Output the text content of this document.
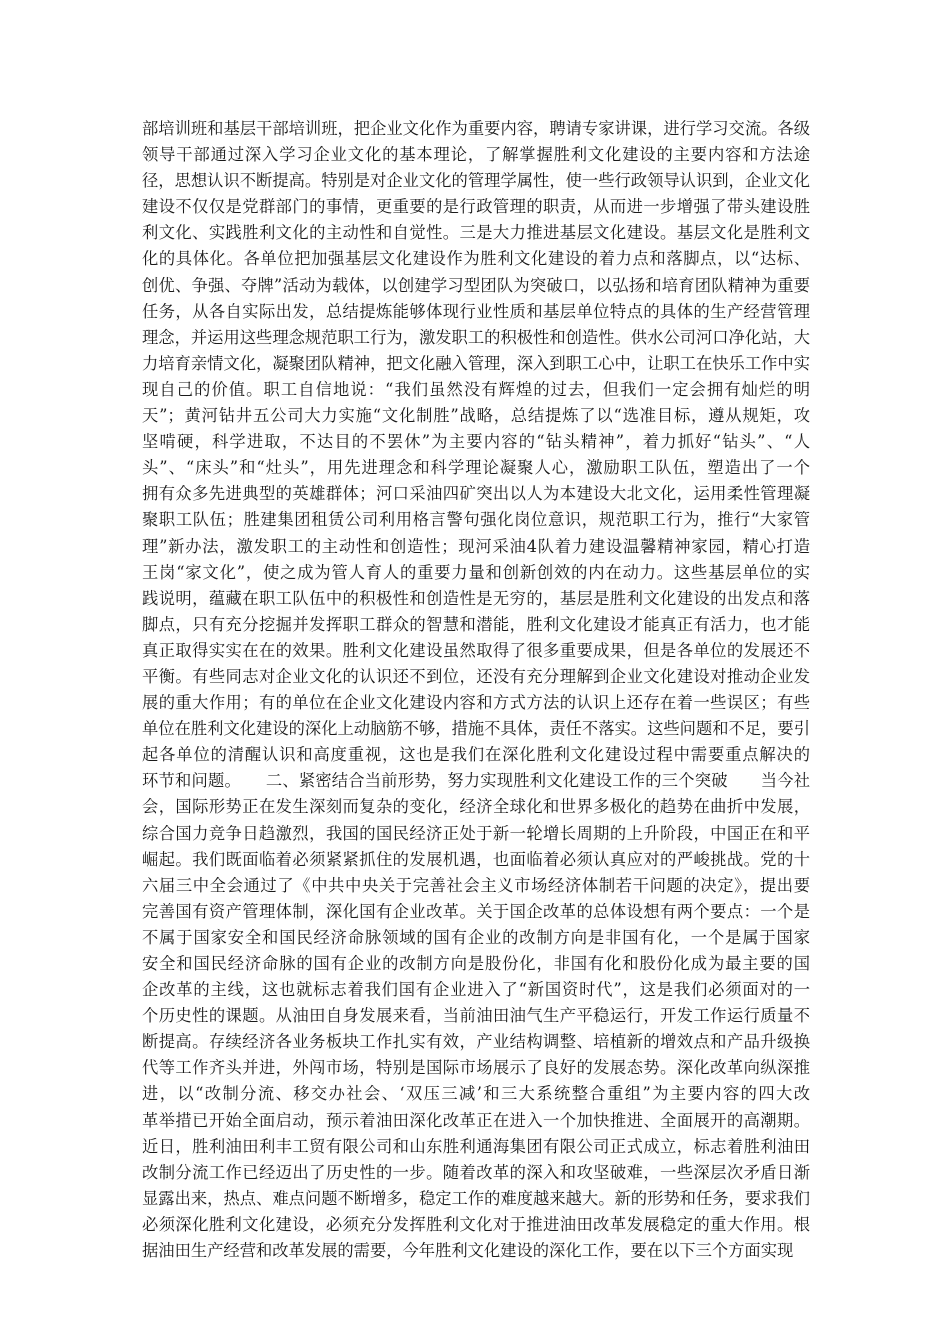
部培训班和基层干部培训班，把企业文化作为重要内容，聘请专家讲课，进行学习交流。各级
领导干部通过深入学习企业文化的基本理论，了解掌握胜利文化建设的主要内容和方法途
径，思想认识不断提高。特别是对企业文化的管理学属性，使一些行政领导认识到，企业文化
建设不仅仅是党群部门的事情，更重要的是行政管理的职责，从而进一步增强了带头建设胜
利文化、实践胜利文化的主动性和自觉性。三是大力推进基层文化建设。基层文化是胜利文
化的具体化。各单位把加强基层文化建设作为胜利文化建设的着力点和落脚点，以“达标、
创优、争强、夺牌”活动为载体，以创建学习型团队为突破口，以弘扬和培育团队精神为重要
任务，从各自实际出发，总结提炼能够体现行业性质和基层单位特点的具体的生产经营管理
理念，并运用这些理念规范职工行为，激发职工的积极性和创造性。供水公司河口净化站，大
力培育亲情文化，凝聚团队精神，把文化融入管理，深入到职工心中，让职工在快乐工作中实
现自己的价值。职工自信地说：“我们虽然没有辉煌的过去，但我们一定会拥有灿烂的明
天”；黄河钻井五公司大力实施“文化制胜”战略，总结提炼了以“选准目标，遵从规矩，攻
坚啃硬，科学进取，不达目的不罢休”为主要内容的“钻头精神”，着力抓好“钻头”、“人
头”、“床头”和“灶头”，用先进理念和科学理论凝聚人心，激励职工队伍，塑造出了一个
拥有众多先进典型的英雄群体；河口采油四矿突出以人为本建设大北文化，运用柔性管理凝
聚职工队伍；胜建集团租赁公司利用格言警句强化岗位意识，规范职工行为，推行“大家管
理”新办法，激发职工的主动性和创造性；现河采油4队着力建设温馨精神家园，精心打造
王岗“家文化”，使之成为管人育人的重要力量和创新创效的内在动力。这些基层单位的实
践说明，蕴藏在职工队伍中的积极性和创造性是无穷的，基层是胜利文化建设的出发点和落
脚点，只有充分挖掘并发挥职工群众的智慧和潜能，胜利文化建设才能真正有活力，也才能
真正取得实实在在的效果。胜利文化建设虽然取得了很多重要成果，但是各单位的发展还不
平衡。有些同志对企业文化的认识还不到位，还没有充分理解到企业文化建设对推动企业发
展的重大作用；有的单位在企业文化建设内容和方式方法的认识上还存在着一些误区；有些
单位在胜利文化建设的深化上动脑筋不够，措施不具体，责任不落实。这些问题和不足，要引
起各单位的清醒认识和高度重视，这也是我们在深化胜利文化建设过程中需要重点解决的
环节和问题。　　二、紧密结合当前形势，努力实现胜利文化建设工作的三个突破　　当今社
会，国际形势正在发生深刻而复杂的变化，经济全球化和世界多极化的趋势在曲折中发展，
综合国力竞争日趋激烈，我国的国民经济正处于新一轮增长周期的上升阶段，中国正在和平
崛起。我们既面临着必须紧紧抓住的发展机遇，也面临着必须认真应对的严峻挑战。党的十
六届三中全会通过了《中共中央关于完善社会主义市场经济体制若干问题的决定》，提出要
完善国有资产管理体制，深化国有企业改革。关于国企改革的总体设想有两个要点：一个是
不属于国家安全和国民经济命脉领域的国有企业的改制方向是非国有化，一个是属于国家
安全和国民经济命脉的国有企业的改制方向是股份化，非国有化和股份化成为最主要的国
企改革的主线，这也就标志着我们国有企业进入了“新国资时代”，这是我们必须面对的一
个历史性的课题。从油田自身发展来看，当前油田油气生产平稳运行，开发工作运行质量不
断提高。存续经济各业务板块工作扎实有效，产业结构调整、培植新的增效点和产品升级换
代等工作齐头并进，外闯市场，特别是国际市场展示了良好的发展态势。深化改革向纵深推
进，以“改制分流、移交办社会、‘双压三减’和三大系统整合重组”为主要内容的四大改
革举措已开始全面启动，预示着油田深化改革正在进入一个加快推进、全面展开的高潮期。
近日，胜利油田利丰工贸有限公司和山东胜利通海集团有限公司正式成立，标志着胜利油田
改制分流工作已经迈出了历史性的一步。随着改革的深入和攻坚破难，一些深层次矛盾日渐
显露出来，热点、难点问题不断增多，稳定工作的难度越来越大。新的形势和任务，要求我们
必须深化胜利文化建设，必须充分发挥胜利文化对于推进油田改革发展稳定的重大作用。根
据油田生产经营和改革发展的需要，今年胜利文化建设的深化工作，要在以下三个方面实现
